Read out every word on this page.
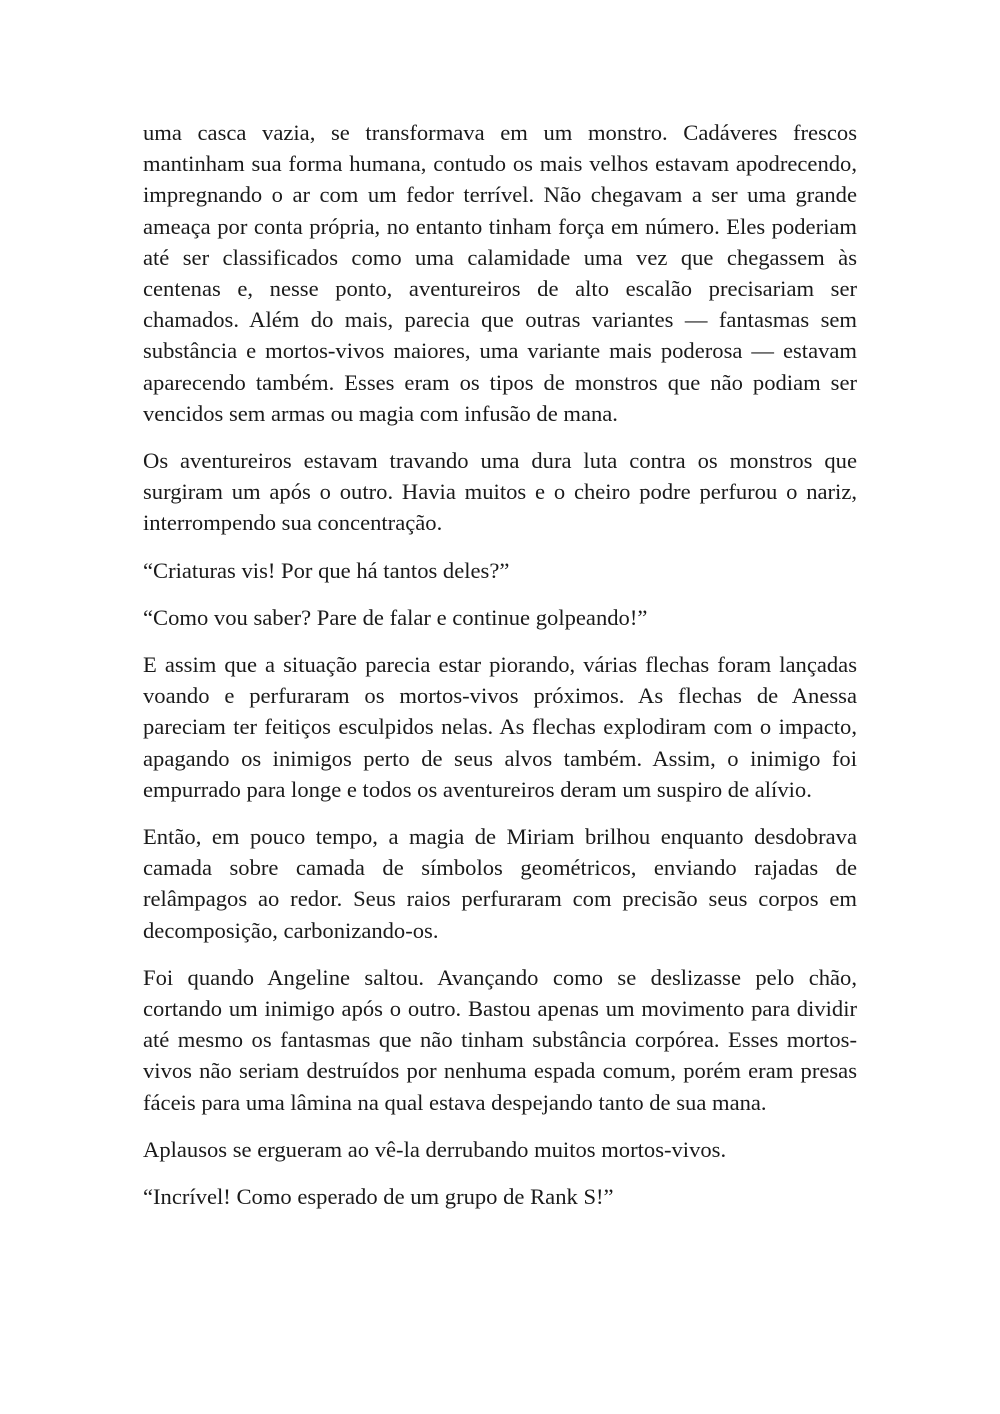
uma casca vazia, se transformava em um monstro. Cadáveres frescos mantinham sua forma humana, contudo os mais velhos estavam apodrecendo, impregnando o ar com um fedor terrível. Não chegavam a ser uma grande ameaça por conta própria, no entanto tinham força em número. Eles poderiam até ser classificados como uma calamidade uma vez que chegassem às centenas e, nesse ponto, aventureiros de alto escalão precisariam ser chamados. Além do mais, parecia que outras variantes — fantasmas sem substância e mortos-vivos maiores, uma variante mais poderosa — estavam aparecendo também. Esses eram os tipos de monstros que não podiam ser vencidos sem armas ou magia com infusão de mana.

Os aventureiros estavam travando uma dura luta contra os monstros que surgiram um após o outro. Havia muitos e o cheiro podre perfurou o nariz, interrompendo sua concentração.

“Criaturas vis! Por que há tantos deles?”

“Como vou saber? Pare de falar e continue golpeando!”

E assim que a situação parecia estar piorando, várias flechas foram lançadas voando e perfuraram os mortos-vivos próximos. As flechas de Anessa pareciam ter feitiços esculpidos nelas. As flechas explodiram com o impacto, apagando os inimigos perto de seus alvos também. Assim, o inimigo foi empurrado para longe e todos os aventureiros deram um suspiro de alívio.

Então, em pouco tempo, a magia de Miriam brilhou enquanto desdobrava camada sobre camada de símbolos geométricos, enviando rajadas de relâmpagos ao redor. Seus raios perfuraram com precisão seus corpos em decomposição, carbonizando-os.

Foi quando Angeline saltou. Avançando como se deslizasse pelo chão, cortando um inimigo após o outro. Bastou apenas um movimento para dividir até mesmo os fantasmas que não tinham substância corpórea. Esses mortos-vivos não seriam destruídos por nenhuma espada comum, porém eram presas fáceis para uma lâmina na qual estava despejando tanto de sua mana.

Aplausos se ergueram ao vê-la derrubando muitos mortos-vivos.

“Incrível! Como esperado de um grupo de Rank S!”
